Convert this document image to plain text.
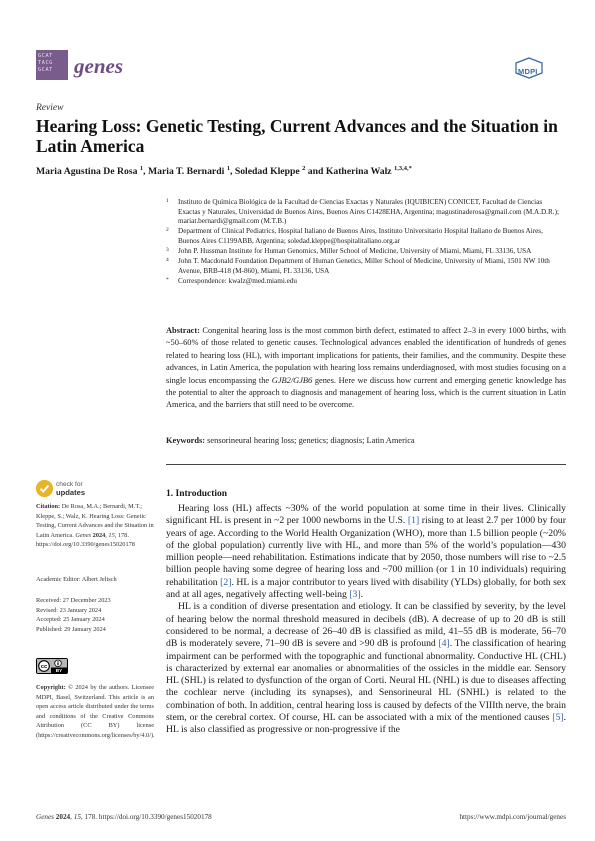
GCAT
TACG
GCAT	genes	MDPI
Review
Hearing Loss: Genetic Testing, Current Advances and the Situation in Latin America
Maria Agustina De Rosa $^1$, Maria T. Bernardi $^1$, Soledad Kleppe $^2$ and Katherina Walz $^{1,3,4,*}$
1 Instituto de Química Biológica de la Facultad de Ciencias Exactas y Naturales (IQUIBICEN) CONICET, Facultad de Ciencias Exactas y Naturales, Universidad de Buenos Aires, Buenos Aires C1428EHA, Argentina; magustinaderosa@gmail.com (M.A.D.R.); mariat.bernardi@gmail.com (M.T.B.)
2 Department of Clinical Pediatrics, Hospital Italiano de Buenos Aires, Instituto Universitario Hospital Italiano de Buenos Aires, Buenos Aires C1199ABB, Argentina; soledad.kleppe@hospitalitaliano.org.ar
3 John P. Hussman Institute for Human Genomics, Miller School of Medicine, University of Miami, Miami, FL 33136, USA
4 John T. Macdonald Foundation Department of Human Genetics, Miller School of Medicine, University of Miami, 1501 NW 10th Avenue, BRB-418 (M-860), Miami, FL 33136, USA
* Correspondence: kwalz@med.miami.edu
Abstract: Congenital hearing loss is the most common birth defect, estimated to affect 2–3 in every 1000 births, with ~50–60% of those related to genetic causes. Technological advances enabled the identification of hundreds of genes related to hearing loss (HL), with important implications for patients, their families, and the community. Despite these advances, in Latin America, the population with hearing loss remains underdiagnosed, with most studies focusing on a single locus encompassing the GJB2/GJB6 genes. Here we discuss how current and emerging genetic knowledge has the potential to alter the approach to diagnosis and management of hearing loss, which is the current situation in Latin America, and the barriers that still need to be overcome.
Keywords: sensorineural hearing loss; genetics; diagnosis; Latin America
check for
updates
Citation: De Rosa, M.A.; Bernardi, M.T.; Kleppe, S.; Walz, K. Hearing Loss: Genetic Testing, Current Advances and the Situation in Latin America. Genes 2024, 15, 178. https://doi.org/10.3390/genes15020178
Academic Editor: Albert Jeltsch
Received: 27 December 2023
Revised: 23 January 2024
Accepted: 25 January 2024
Published: 29 January 2024
cc
BY
Copyright: © 2024 by the authors. Licensee MDPI, Basel, Switzerland. This article is an open access article distributed under the terms and conditions of the Creative Commons Attribution (CC BY) license (https://creativecommons.org/licenses/by/4.0/).
1. Introduction

Hearing loss (HL) affects ~30% of the world population at some time in their lives. Clinically significant HL is present in ~2 per 1000 newborns in the U.S. [1] rising to at least 2.7 per 1000 by four years of age. According to the World Health Organization (WHO), more than 1.5 billion people (~20% of the global population) currently live with HL, and more than 5% of the world’s population—430 million people—need rehabilitation. Estimations indicate that by 2050, those numbers will rise to ~2.5 billion people having some degree of hearing loss and ~700 million (or 1 in 10 individuals) requiring rehabilitation [2]. HL is a major contributor to years lived with disability (YLDs) globally, for both sex and at all ages, negatively affecting well-being [3].

HL is a condition of diverse presentation and etiology. It can be classified by severity, by the level of hearing below the normal threshold measured in decibels (dB). A decrease of up to 20 dB is still considered to be normal, a decrease of 26–40 dB is classified as mild, 41–55 dB is moderate, 56–70 dB is moderately severe, 71–90 dB is severe and >90 dB is profound [4]. The classification of hearing impairment can be performed with the topographic and functional abnormality. Conductive HL (CHL) is characterized by external ear anomalies or abnormalities of the ossicles in the middle ear. Sensory HL (SHL) is related to dysfunction of the organ of Corti. Neural HL (NHL) is due to diseases affecting the cochlear nerve (including its synapses), and Sensorineural HL (SNHL) is related to the combination of both. In addition, central hearing loss is caused by defects of the VIIIth nerve, the brain stem, or the cerebral cortex. Of course, HL can be associated with a mix of the mentioned causes [5]. HL is also classified as progressive or non-progressive if the

Genes 2024, 15, 178. https://doi.org/10.3390/genes15020178	https://www.mdpi.com/journal/genes
